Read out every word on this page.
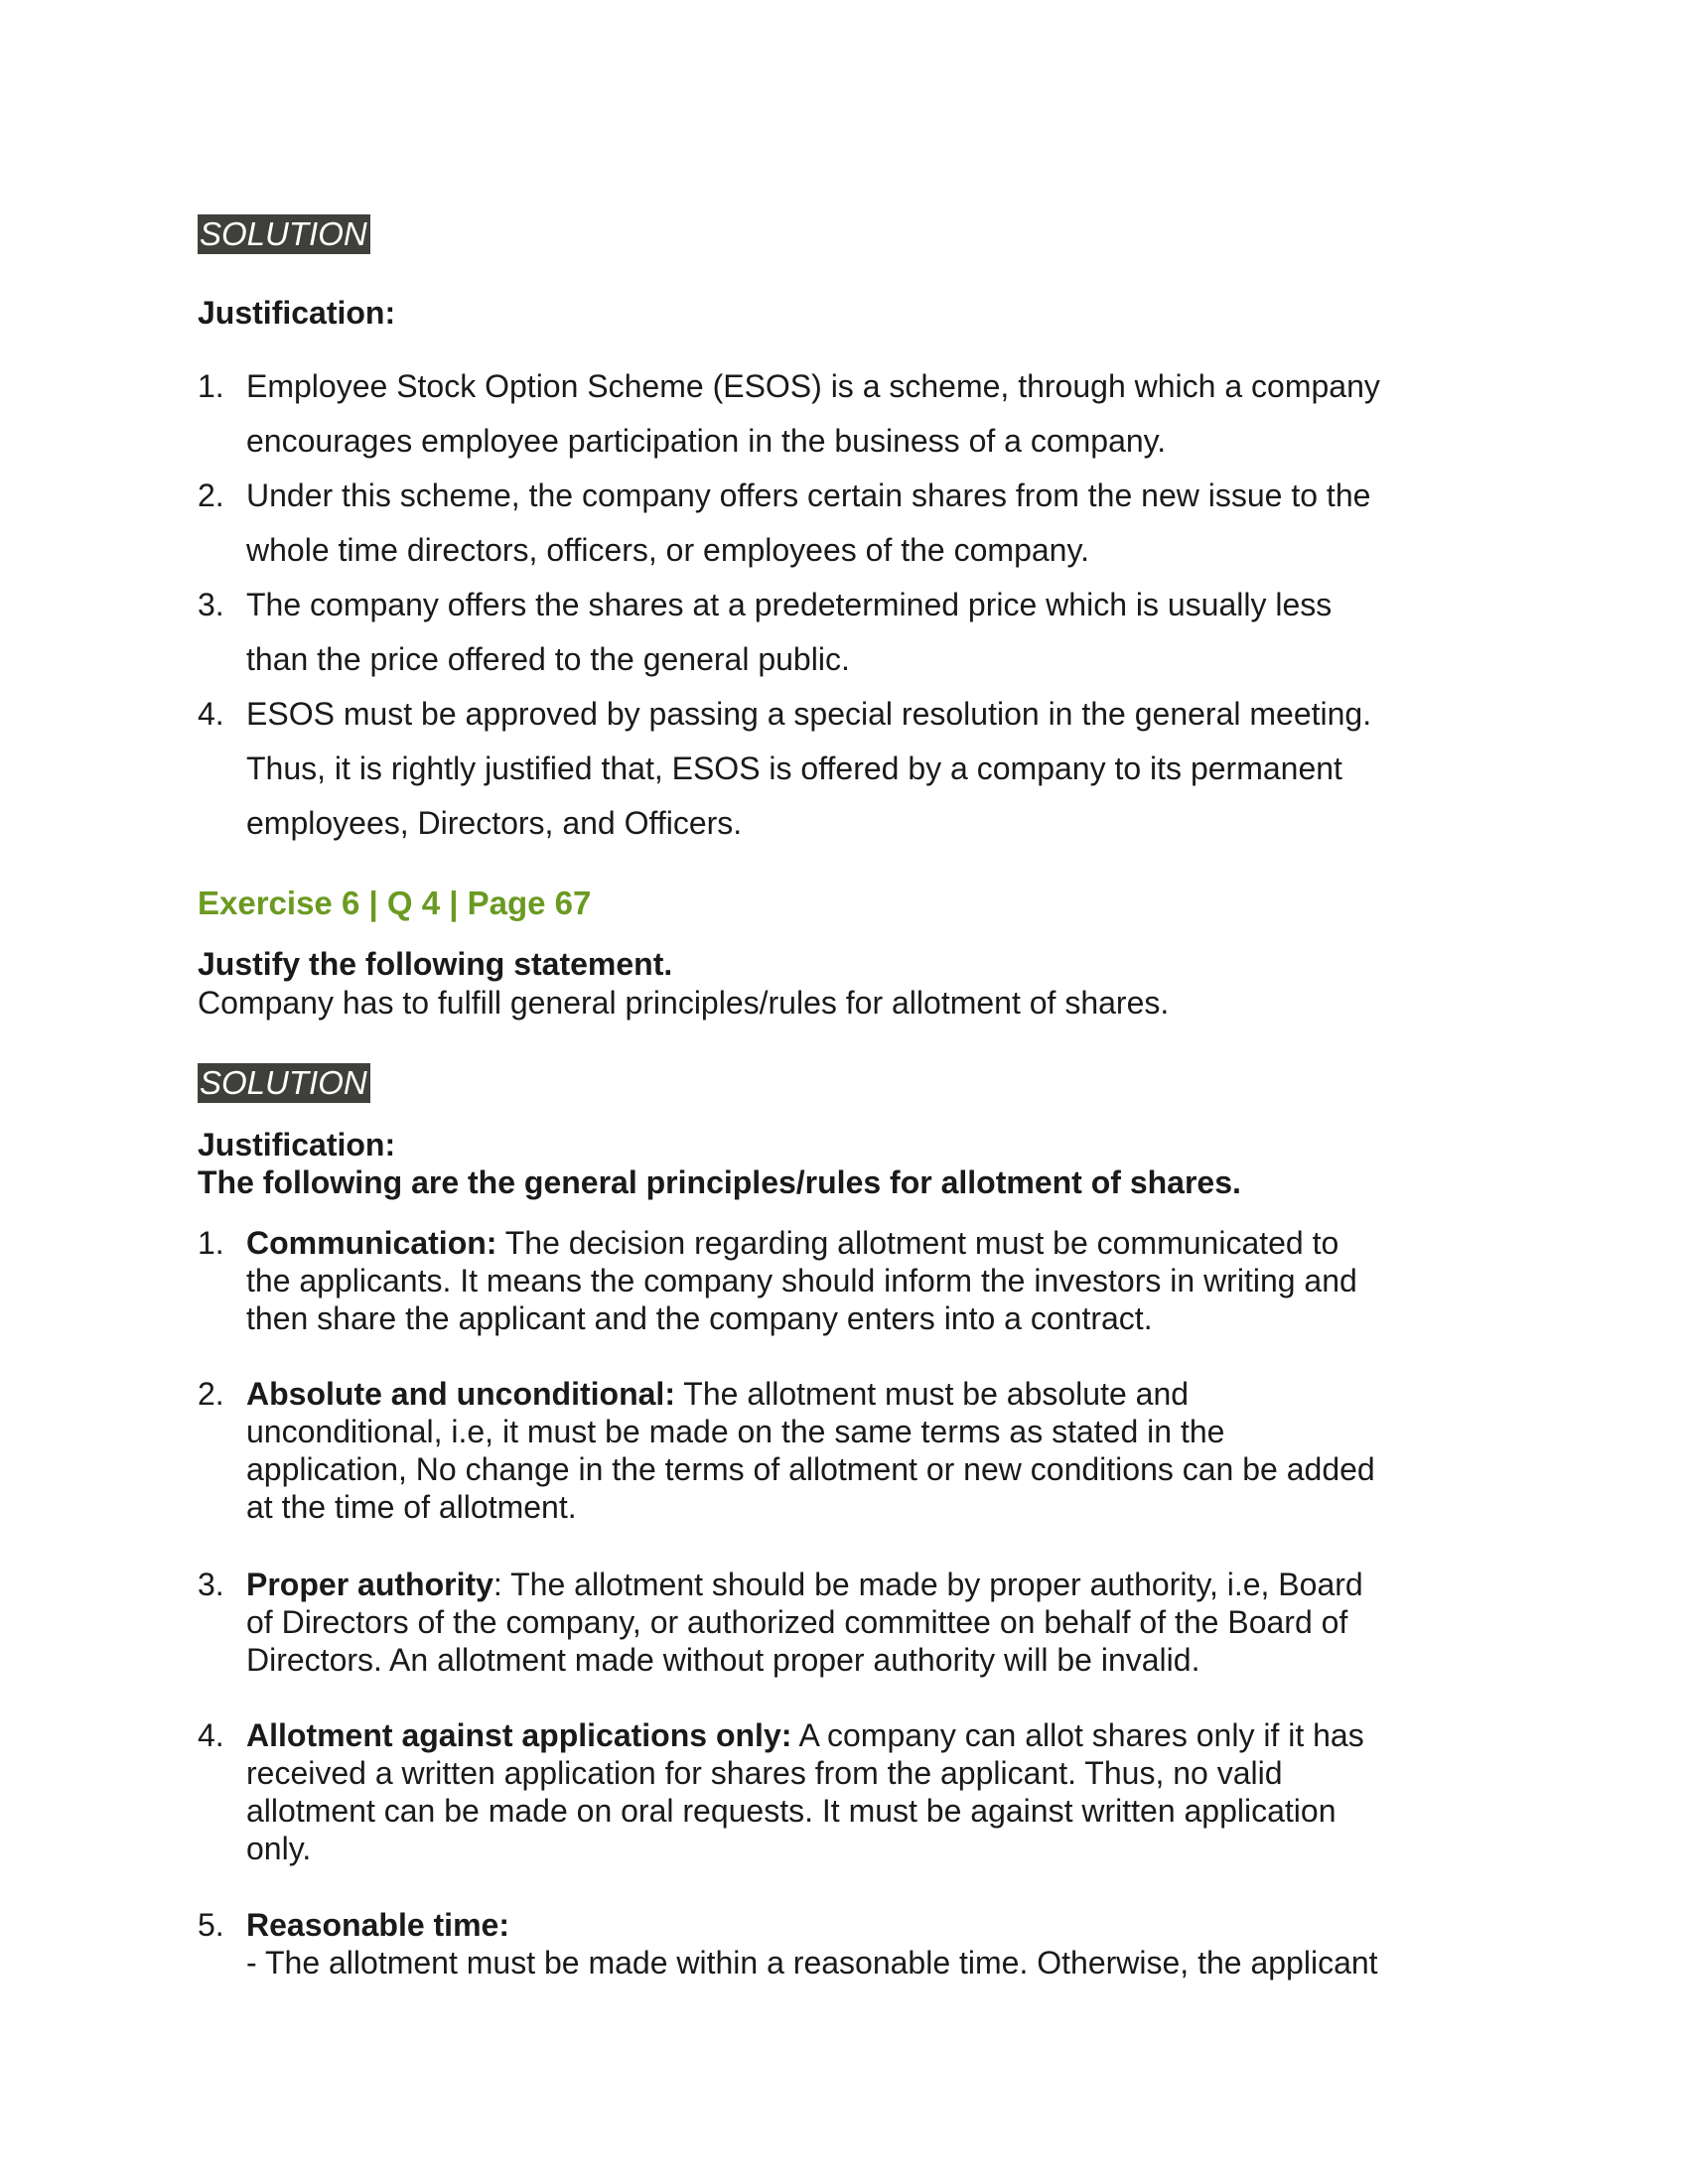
SOLUTION
Justification:
1. Employee Stock Option Scheme (ESOS) is a scheme, through which a company
encourages employee participation in the business of a company.
2. Under this scheme, the company offers certain shares from the new issue to the
whole time directors, officers, or employees of the company.
3. The company offers the shares at a predetermined price which is usually less
than the price offered to the general public.
4. ESOS must be approved by passing a special resolution in the general meeting.
Thus, it is rightly justified that, ESOS is offered by a company to its permanent
employees, Directors, and Officers.
Exercise 6 | Q 4 | Page 67
Justify the following statement.
Company has to fulfill general principles/rules for allotment of shares.
SOLUTION
Justification:
The following are the general principles/rules for allotment of shares.
1. Communication: The decision regarding allotment must be communicated to
the applicants. It means the company should inform the investors in writing and
then share the applicant and the company enters into a contract.
2. Absolute and unconditional: The allotment must be absolute and
unconditional, i.e, it must be made on the same terms as stated in the
application, No change in the terms of allotment or new conditions can be added
at the time of allotment.
3. Proper authority: The allotment should be made by proper authority, i.e, Board
of Directors of the company, or authorized committee on behalf of the Board of
Directors. An allotment made without proper authority will be invalid.
4. Allotment against applications only: A company can allot shares only if it has
received a written application for shares from the applicant. Thus, no valid
allotment can be made on oral requests. It must be against written application
only.
5. Reasonable time:
- The allotment must be made within a reasonable time. Otherwise, the applicant
